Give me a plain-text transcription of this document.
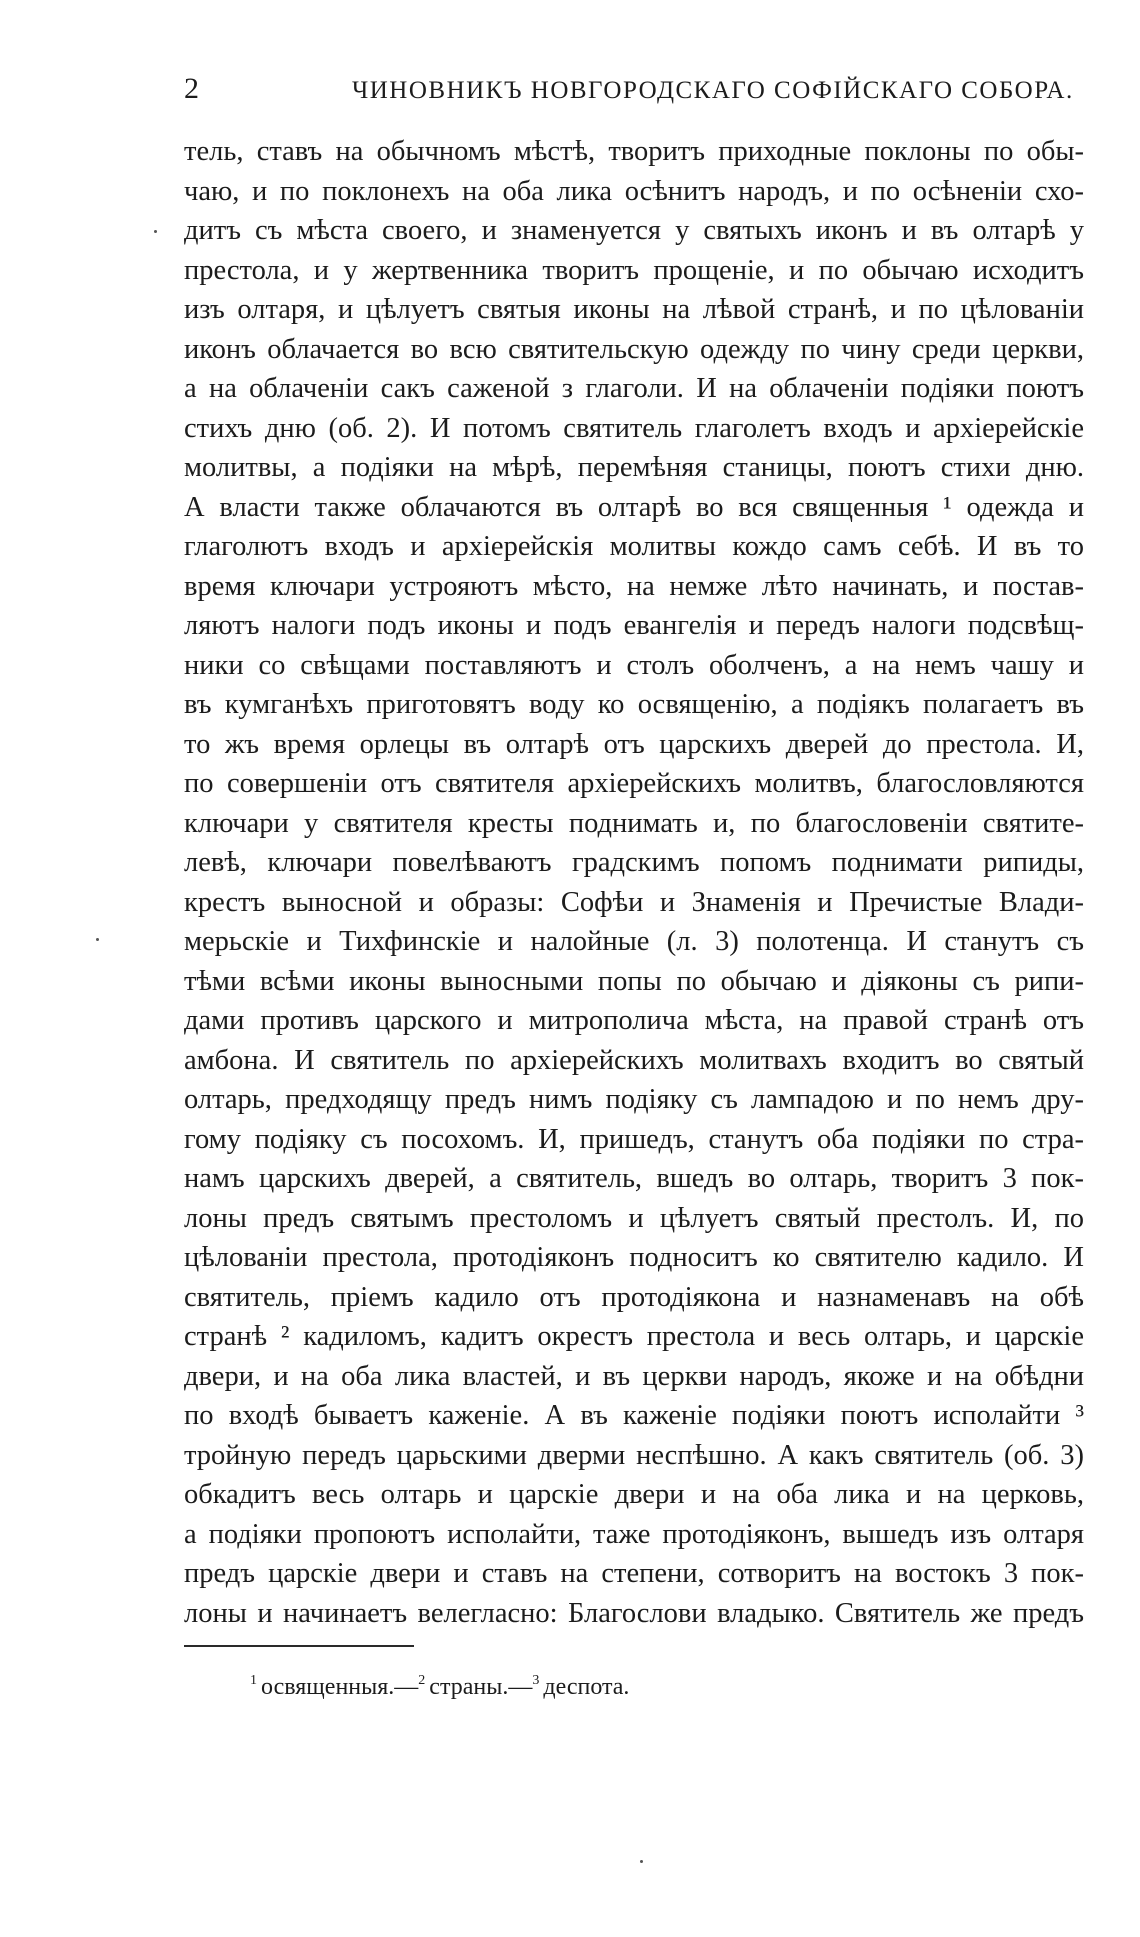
2	ЧИНОВНИКЪ НОВГОРОДСКАГО СОФІЙСКАГО СОБОРА.
тель, ставъ на обычномъ мѣстѣ, творитъ приходные поклоны по обы-
чаю, и по поклонехъ на оба лика осѣнитъ народъ, и по осѣненіи схо-
дитъ съ мѣста своего, и знаменуется у святыхъ иконъ и въ олтарѣ у
престола, и у жертвенника творитъ прощеніе, и по обычаю исходитъ
изъ олтаря, и цѣлуетъ святыя иконы на лѣвой странѣ, и по цѣлованіи
иконъ облачается во всю святительскую одежду по чину среди церкви,
а на облаченіи сакъ саженой з глаголи. И на облаченіи подіяки поютъ
стихъ дню (об. 2). И потомъ святитель глаголетъ входъ и архіерейскіе
молитвы, а подіяки на мѣрѣ, перемѣняя станицы, поютъ стихи дню.
А власти также облачаются въ олтарѣ во вся священныя ¹ одежда и
глаголютъ входъ и архіерейскія молитвы кождо самъ себѣ. И въ то
время ключари устрояютъ мѣсто, на немже лѣто начинать, и постав-
ляютъ налоги подъ иконы и подъ евангелія и передъ налоги подсвѣщ-
ники со свѣщами поставляютъ и столъ оболченъ, а на немъ чашу и
въ кумганѣхъ приготовятъ воду ко освященію, а подіякъ полагаетъ въ
то жъ время орлецы въ олтарѣ отъ царскихъ дверей до престола. И,
по совершеніи отъ святителя архіерейскихъ молитвъ, благословляются
ключари у святителя кресты поднимать и, по благословеніи святите-
левѣ, ключари повелѣваютъ градскимъ попомъ поднимати рипиды,
крестъ выносной и образы: Софѣи и Знаменія и Пречистые Влади-
мерьскіе и Тихфинскіе и налойные (л. 3) полотенца. И станутъ съ
тѣми всѣми иконы выносными попы по обычаю и діяконы съ рипи-
дами противъ царского и митрополича мѣста, на правой странѣ отъ
амбона. И святитель по архіерейскихъ молитвахъ входитъ во святый
олтарь, предходящу предъ нимъ подіяку съ лампадою и по немъ дру-
гому подіяку съ посохомъ. И, пришедъ, станутъ оба подіяки по стра-
намъ царскихъ дверей, а святитель, вшедъ во олтарь, творитъ 3 пок-
лоны предъ святымъ престоломъ и цѣлуетъ святый престолъ. И, по
цѣлованіи престола, протодіяконъ подноситъ ко святителю кадило. И
святитель, пріемъ кадило отъ протодіякона и назнаменавъ на обѣ
странѣ ² кадиломъ, кадитъ окрестъ престола и весь олтарь, и царскіе
двери, и на оба лика властей, и въ церкви народъ, якоже и на обѣдни
по входѣ бываетъ каженіе. А въ каженіе подіяки поютъ исполайти ³
тройную передъ царьскими дверми неспѣшно. А какъ святитель (об. 3)
обкадитъ весь олтарь и царскіе двери и на оба лика и на церковь,
а подіяки пропоютъ исполайти, таже протодіяконъ, вышедъ изъ олтаря
предъ царскіе двери и ставъ на степени, сотворитъ на востокъ 3 пок-
лоны и начинаетъ велегласно: Благослови владыко. Святитель же предъ
$^1$ освященныя.—$^2$ страны.—$^3$ деспота.
